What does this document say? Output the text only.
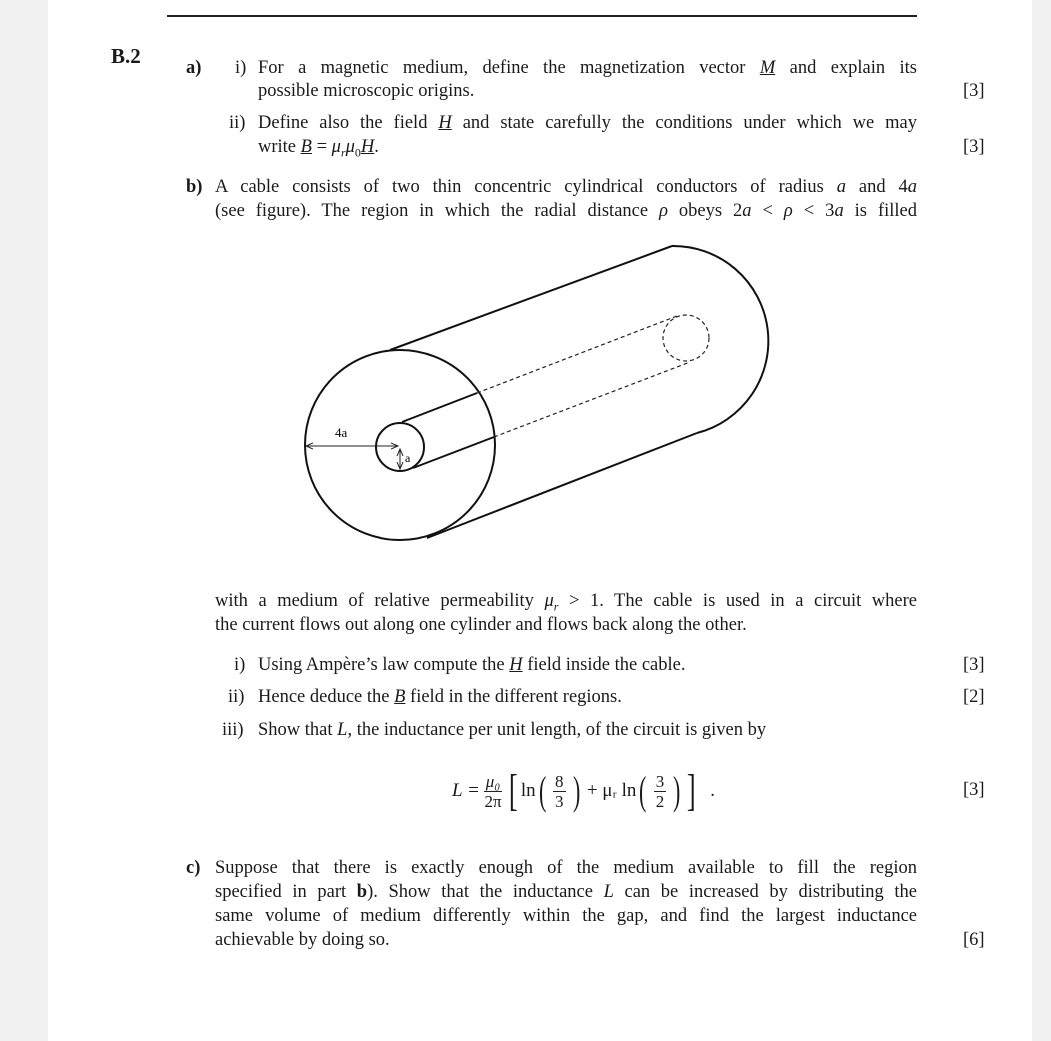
B.2 a)
b)
c)
i)
ii)
i)
ii)
iii)
For a magnetic medium, define the magnetization vector M and explain its
possible microscopic origins.
Define also the field H and state carefully the conditions under which we may
write $B = \mu_r\mu_0H$.
A cable consists of two thin concentric cylindrical conductors of radius a and 4a
(see figure). The region in which the radial distance ρ obeys 2a < ρ < 3a is filled
with a medium of relative permeability $\mu_r > 1$. The cable is used in a circuit where
the current flows out along one cylinder and flows back along the other.
Using Ampère’s law compute the H field inside the cable.
Hence deduce the B field in the different regions.
Show that L, the inductance per unit length, of the circuit is given by
Suppose that there is exactly enough of the medium available to fill the region
specified in part b). Show that the inductance L can be increased by distributing the
same volume of medium differently within the gap, and find the largest inductance
achievable by doing so.
[3]
[3]
[3]
[2]
[3]
[6]
$L = \frac{\text{μ₀}}{2\pi}$ [ ln ( $\frac{8}{3}$ ) + μᵣ ln ( $\frac{3}{2}$ ) ] .
4a
a
